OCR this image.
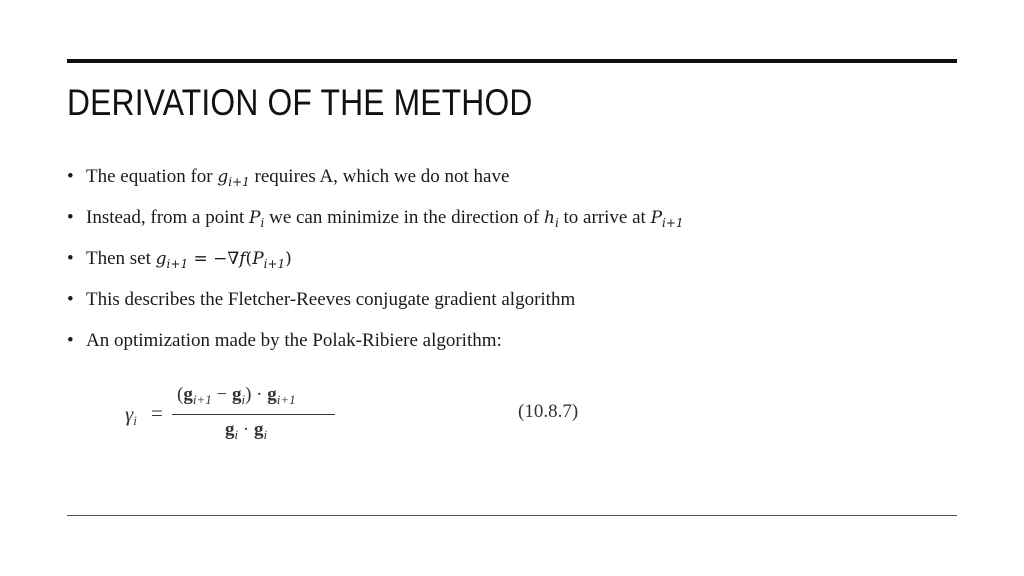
DERIVATION OF THE METHOD
• The equation for $g_{i+1}$ requires A, which we do not have
• Instead, from a point $P_i$ we can minimize in the direction of $h_i$ to arrive at $P_{i+1}$
• Then set $g_{i+1} = -\nabla f(P_{i+1})$
• This describes the Fletcher-Reeves conjugate gradient algorithm
• An optimization made by the Polak-Ribiere algorithm:
$\gamma_i$ =
$(g_{i+1} - g_i) \cdot g_{i+1}$
$g_i \cdot g_i$
(10.8.7)
